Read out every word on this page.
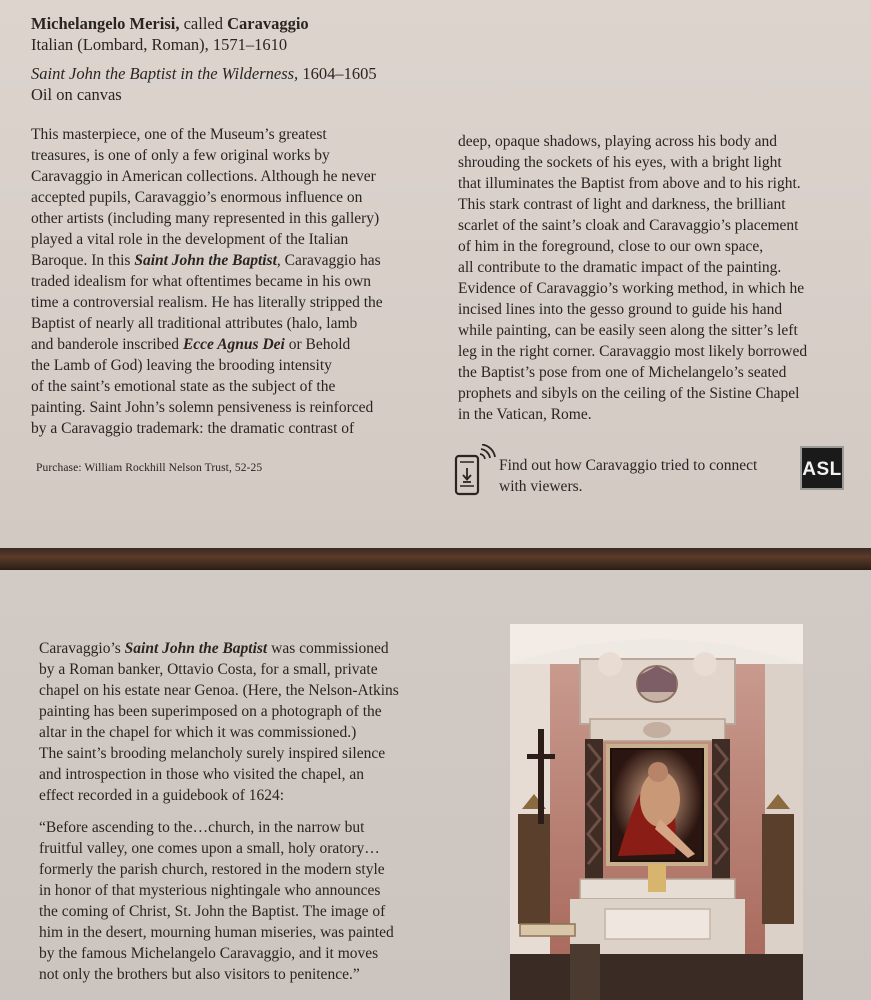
Michelangelo Merisi, called Caravaggio
Italian (Lombard, Roman), 1571–1610
Saint John the Baptist in the Wilderness, 1604–1605
Oil on canvas
This masterpiece, one of the Museum’s greatest
treasures, is one of only a few original works by
Caravaggio in American collections. Although he never
accepted pupils, Caravaggio’s enormous influence on
other artists (including many represented in this gallery)
played a vital role in the development of the Italian
Baroque. In this Saint John the Baptist, Caravaggio has
traded idealism for what oftentimes became in his own
time a controversial realism. He has literally stripped the
Baptist of nearly all traditional attributes (halo, lamb
and banderole inscribed Ecce Agnus Dei or Behold
the Lamb of God) leaving the brooding intensity
of the saint’s emotional state as the subject of the
painting. Saint John’s solemn pensiveness is reinforced
by a Caravaggio trademark: the dramatic contrast of
deep, opaque shadows, playing across his body and
shrouding the sockets of his eyes, with a bright light
that illuminates the Baptist from above and to his right.
This stark contrast of light and darkness, the brilliant
scarlet of the saint’s cloak and Caravaggio’s placement
of him in the foreground, close to our own space,
all contribute to the dramatic impact of the painting.
Evidence of Caravaggio’s working method, in which he
incised lines into the gesso ground to guide his hand
while painting, can be easily seen along the sitter’s left
leg in the right corner. Caravaggio most likely borrowed
the Baptist’s pose from one of Michelangelo’s seated
prophets and sibyls on the ceiling of the Sistine Chapel
in the Vatican, Rome.
Purchase: William Rockhill Nelson Trust, 52-25	Find out how Caravaggio tried to connect
with viewers.
ASL
Caravaggio’s Saint John the Baptist was commissioned
by a Roman banker, Ottavio Costa, for a small, private
chapel on his estate near Genoa. (Here, the Nelson-Atkins
painting has been superimposed on a photograph of the
altar in the chapel for which it was commissioned.)
The saint’s brooding melancholy surely inspired silence
and introspection in those who visited the chapel, an
effect recorded in a guidebook of 1624:
“Before ascending to the…church, in the narrow but
fruitful valley, one comes upon a small, holy oratory…
formerly the parish church, restored in the modern style
in honor of that mysterious nightingale who announces
the coming of Christ, St. John the Baptist. The image of
him in the desert, mourning human miseries, was painted
by the famous Michelangelo Caravaggio, and it moves
not only the brothers but also visitors to penitence.”
